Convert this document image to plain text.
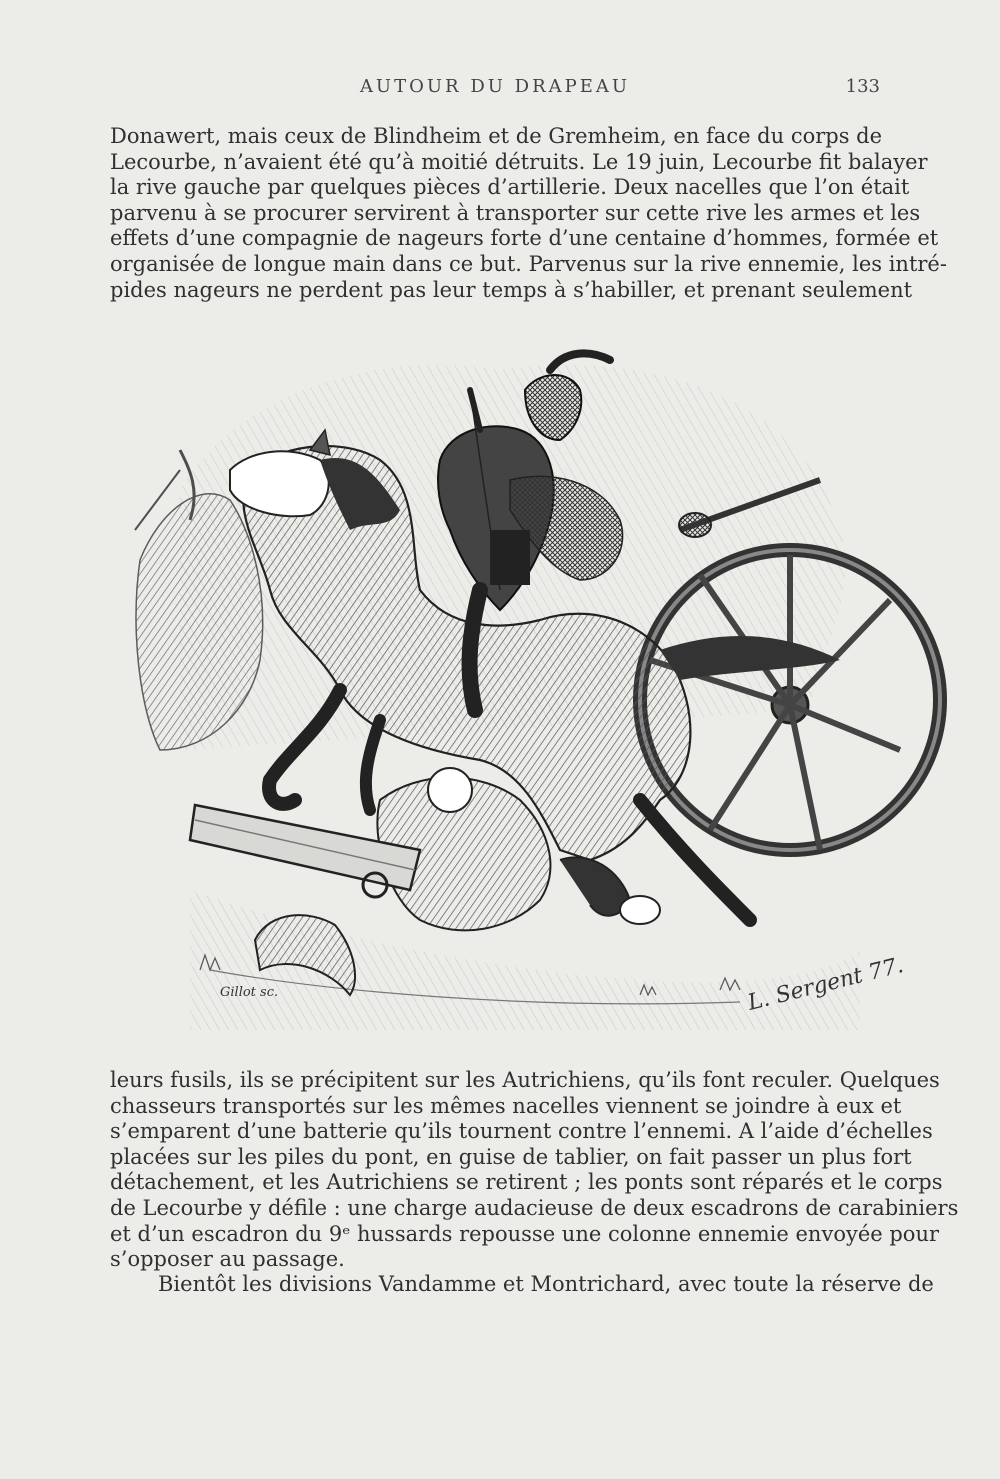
AUTOUR DU DRAPEAU	133

Donawert, mais ceux de Blindheim et de Gremheim, en face du corps de
Lecourbe, n’avaient été qu’à moitié détruits. Le 19 juin, Lecourbe fit balayer
la rive gauche par quelques pièces d’artillerie. Deux nacelles que l’on était
parvenu à se procurer servirent à transporter sur cette rive les armes et les
effets d’une compagnie de nageurs forte d’une centaine d’hommes, formée et
organisée de longue main dans ce but. Parvenus sur la rive ennemie, les intré-
pides nageurs ne perdent pas leur temps à s’habiller, et prenant seulement

Gillot sc.	L. Sergent 77.

leurs fusils, ils se précipitent sur les Autrichiens, qu’ils font reculer. Quelques
chasseurs transportés sur les mêmes nacelles viennent se joindre à eux et
s’emparent d’une batterie qu’ils tournent contre l’ennemi. A l’aide d’échelles
placées sur les piles du pont, en guise de tablier, on fait passer un plus fort
détachement, et les Autrichiens se retirent ; les ponts sont réparés et le corps
de Lecourbe y défile : une charge audacieuse de deux escadrons de carabiniers
et d’un escadron du 9ᵉ hussards repousse une colonne ennemie envoyée pour
s’opposer au passage.

Bientôt les divisions Vandamme et Montrichard, avec toute la réserve de
